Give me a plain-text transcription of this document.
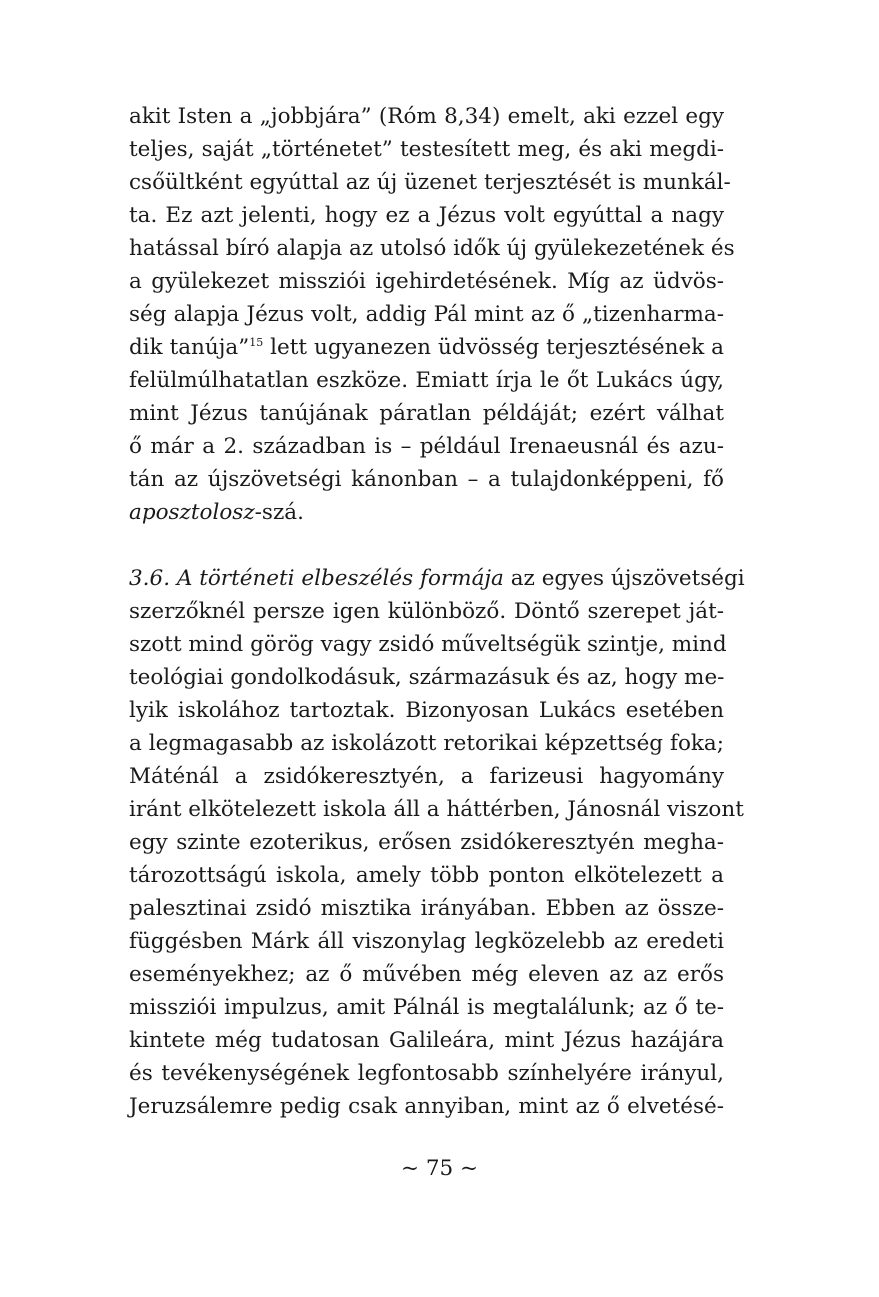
akit Isten a „jobbjára” (Róm 8,34) emelt, aki ezzel egy
teljes, saját „történetet” testesített meg, és aki megdi-
csőültként egyúttal az új üzenet terjesztését is munkál-
ta. Ez azt jelenti, hogy ez a Jézus volt egyúttal a nagy
hatással bíró alapja az utolsó idők új gyülekezetének és
a gyülekezet missziói igehirdetésének. Míg az üdvös-
ség alapja Jézus volt, addig Pál mint az ő „tizenharma-
dik tanúja”$^{15}$ lett ugyanezen üdvösség terjesztésének a
felülmúlhatatlan eszköze. Emiatt írja le őt Lukács úgy,
mint Jézus tanújának páratlan példáját; ezért válhat
ő már a 2. században is – például Irenaeusnál és azu-
tán az újszövetségi kánonban – a tulajdonképpeni, fő
aposztolosz-szá.
3.6. A történeti elbeszélés formája az egyes újszövetségi
szerzőknél persze igen különböző. Döntő szerepet ját-
szott mind görög vagy zsidó műveltségük szintje, mind
teológiai gondolkodásuk, származásuk és az, hogy me-
lyik iskolához tartoztak. Bizonyosan Lukács esetében
a legmagasabb az iskolázott retorikai képzettség foka;
Máténál a zsidókeresztyén, a farizeusi hagyomány
iránt elkötelezett iskola áll a háttérben, Jánosnál viszont
egy szinte ezoterikus, erősen zsidókeresztyén megha-
tározottságú iskola, amely több ponton elkötelezett a
palesztinai zsidó misztika irányában. Ebben az össze-
függésben Márk áll viszonylag legközelebb az eredeti
eseményekhez; az ő művében még eleven az az erős
missziói impulzus, amit Pálnál is megtalálunk; az ő te-
kintete még tudatosan Galileára, mint Jézus hazájára
és tevékenységének legfontosabb színhelyére irányul,
Jeruzsálemre pedig csak annyiban, mint az ő elvetésé-
~ 75 ~
